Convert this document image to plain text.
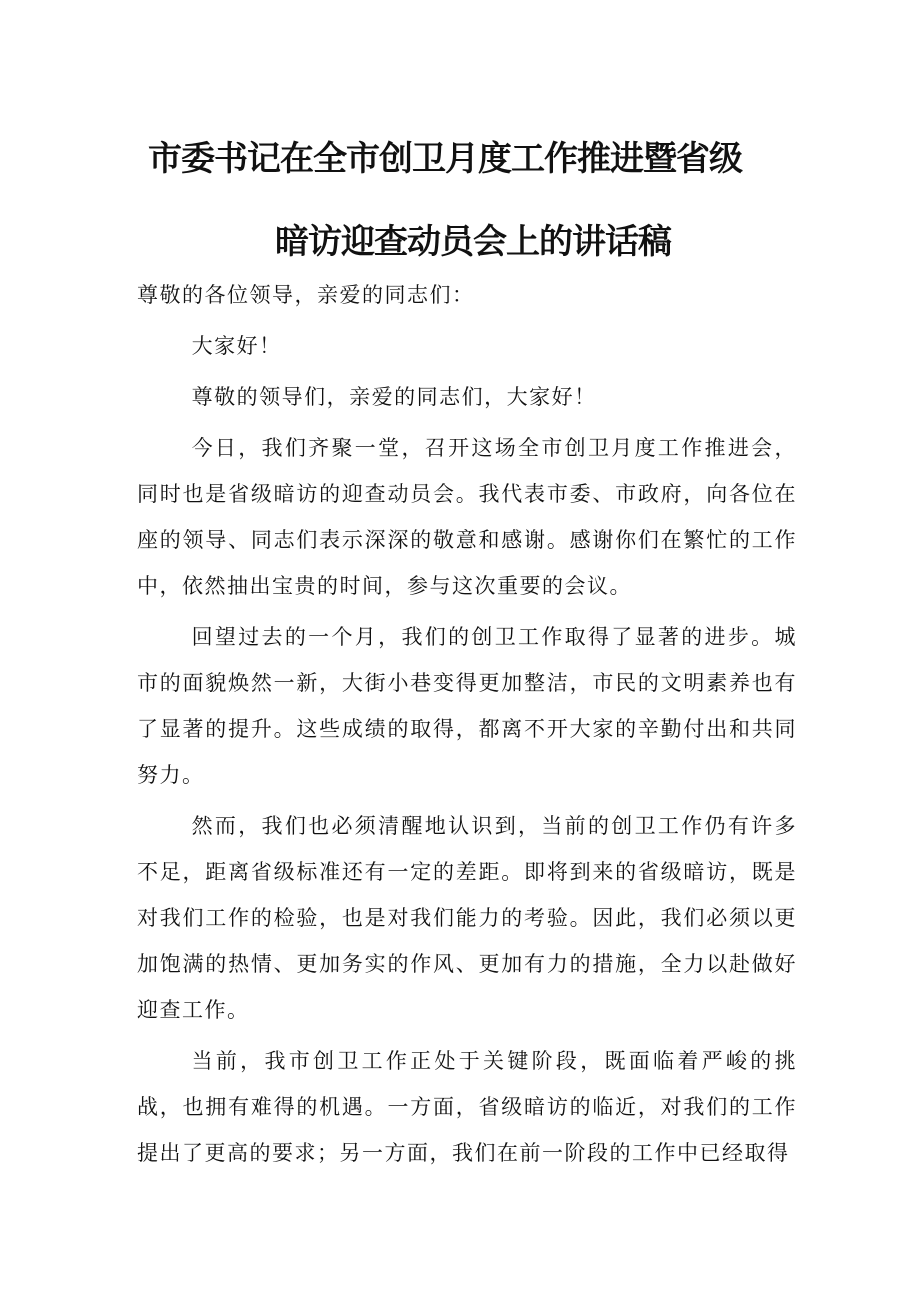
市委书记在全市创卫月度工作推进暨省级
暗访迎查动员会上的讲话稿

尊敬的各位领导，亲爱的同志们：

大家好！

尊敬的领导们，亲爱的同志们，大家好！

今日，我们齐聚一堂，召开这场全市创卫月度工作推进会，同时也是省级暗访的迎查动员会。我代表市委、市政府，向各位在座的领导、同志们表示深深的敬意和感谢。感谢你们在繁忙的工作中，依然抽出宝贵的时间，参与这次重要的会议。

回望过去的一个月，我们的创卫工作取得了显著的进步。城市的面貌焕然一新，大街小巷变得更加整洁，市民的文明素养也有了显著的提升。这些成绩的取得，都离不开大家的辛勤付出和共同努力。

然而，我们也必须清醒地认识到，当前的创卫工作仍有许多不足，距离省级标准还有一定的差距。即将到来的省级暗访，既是对我们工作的检验，也是对我们能力的考验。因此，我们必须以更加饱满的热情、更加务实的作风、更加有力的措施，全力以赴做好迎查工作。

当前，我市创卫工作正处于关键阶段，既面临着严峻的挑战，也拥有难得的机遇。一方面，省级暗访的临近，对我们的工作提出了更高的要求；另一方面，我们在前一阶段的工作中已经取得
